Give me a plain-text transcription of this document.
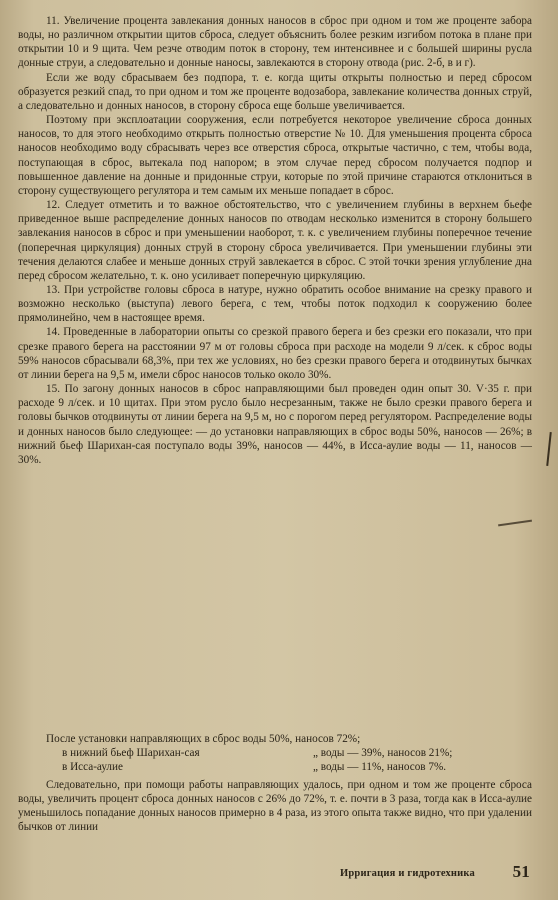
11. Увеличение процента завлекания донных наносов в сброс при одном и том же проценте забора воды, но различном открытии щитов сброса, следует объяснить более резким изгибом потока в плане при открытии 10 и 9 щита. Чем резче отводим поток в сторону, тем интенсивнее и с большей ширины русла донные струи, а следовательно и донные наносы, завлекаются в сторону отвода (рис. 2-б, в и г).

Если же воду сбрасываем без подпора, т. е. когда щиты открыты полностью и перед сбросом образуется резкий спад, то при одном и том же проценте водозабора, завлекание количества донных струй, а следовательно и донных наносов, в сторону сброса еще больше увеличивается.

Поэтому при эксплоатации сооружения, если потребуется некоторое увеличение сброса донных наносов, то для этого необходимо открыть полностью отверстие № 10. Для уменьшения процента сброса наносов необходимо воду сбрасывать через все отверстия сброса, открытые частично, с тем, чтобы вода, поступающая в сброс, вытекала под напором; в этом случае перед сбросом получается подпор и повышенное давление на донные и придонные струи, которые по этой причине стараются отклониться в сторону существующего регулятора и тем самым их меньше попадает в сброс.

12. Следует отметить и то важное обстоятельство, что с увеличением глубины в верхнем бьефе приведенное выше распределение донных наносов по отводам несколько изменится в сторону большего завлекания наносов в сброс и при уменьшении наоборот, т. к. с увеличением глубины поперечное течение (поперечная циркуляция) донных струй в сторону сброса увеличивается. При уменьшении глубины эти течения делаются слабее и меньше донных струй завлекается в сброс. С этой точки зрения углубление дна перед сбросом желательно, т. к. оно усиливает поперечную циркуляцию.

13. При устройстве головы сброса в натуре, нужно обратить особое внимание на срезку правого и возможно несколько (выступа) левого берега, с тем, чтобы поток подходил к сооружению более прямолинейно, чем в настоящее время.

14. Проведенные в лаборатории опыты со срезкой правого берега и без срезки его показали, что при срезке правого берега на расстоянии 97 м от головы сброса при расходе на модели 9 л/сек. к сброс воды 59% наносов сбрасывали 68,3%, при тех же условиях, но без срезки правого берега и отодвинутых бычках от линии берега на 9,5 м, имели сброс наносов только около 30%.

15. По загону донных наносов в сброс направляющими был проведен один опыт 30. V·35 г. при расходе 9 л/сек. и 10 щитах. При этом русло было несрезанным, также не было срезки правого берега и головы бычков отодвинуты от линии берега на 9,5 м, но с порогом перед регулятором. Распределение воды и донных наносов было следующее: — до установки направляющих в сброс воды 50%, наносов — 26%; в нижний бьеф Шарихан-сая поступало воды 39%, наносов — 44%, в Исса-аулие воды — 11, наносов — 30%.

После установки направляющих в сброс воды 50%, наносов 72%;
в нижний бьеф Шарихан-сая	„ воды — 39%, наносов 21%;
в Исса-аулие	„ воды — 11%, наносов 7%.

Следовательно, при помощи работы направляющих удалось, при одном и том же проценте сброса воды, увеличить процент сброса донных наносов с 26% до 72%, т. е. почти в 3 раза, тогда как в Исса-аулие уменьшилось попадание донных наносов примерно в 4 раза, из этого опыта также видно, что при удалении бычков от линии

Ирригация и гидротехника 51
